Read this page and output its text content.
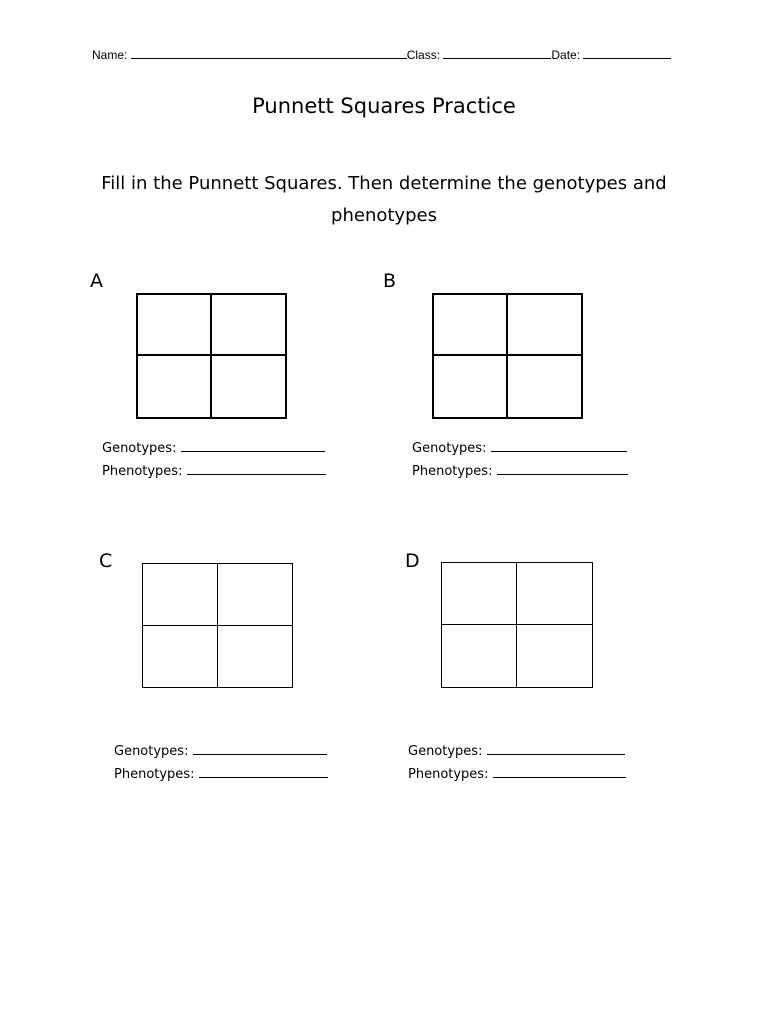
Name:	Class:	Date:
Punnett Squares Practice
Fill in the Punnett Squares. Then determine the genotypes and phenotypes
A
Genotypes:
Phenotypes:
B
Genotypes:
Phenotypes:
C
Genotypes:
Phenotypes:
D
Genotypes:
Phenotypes:
